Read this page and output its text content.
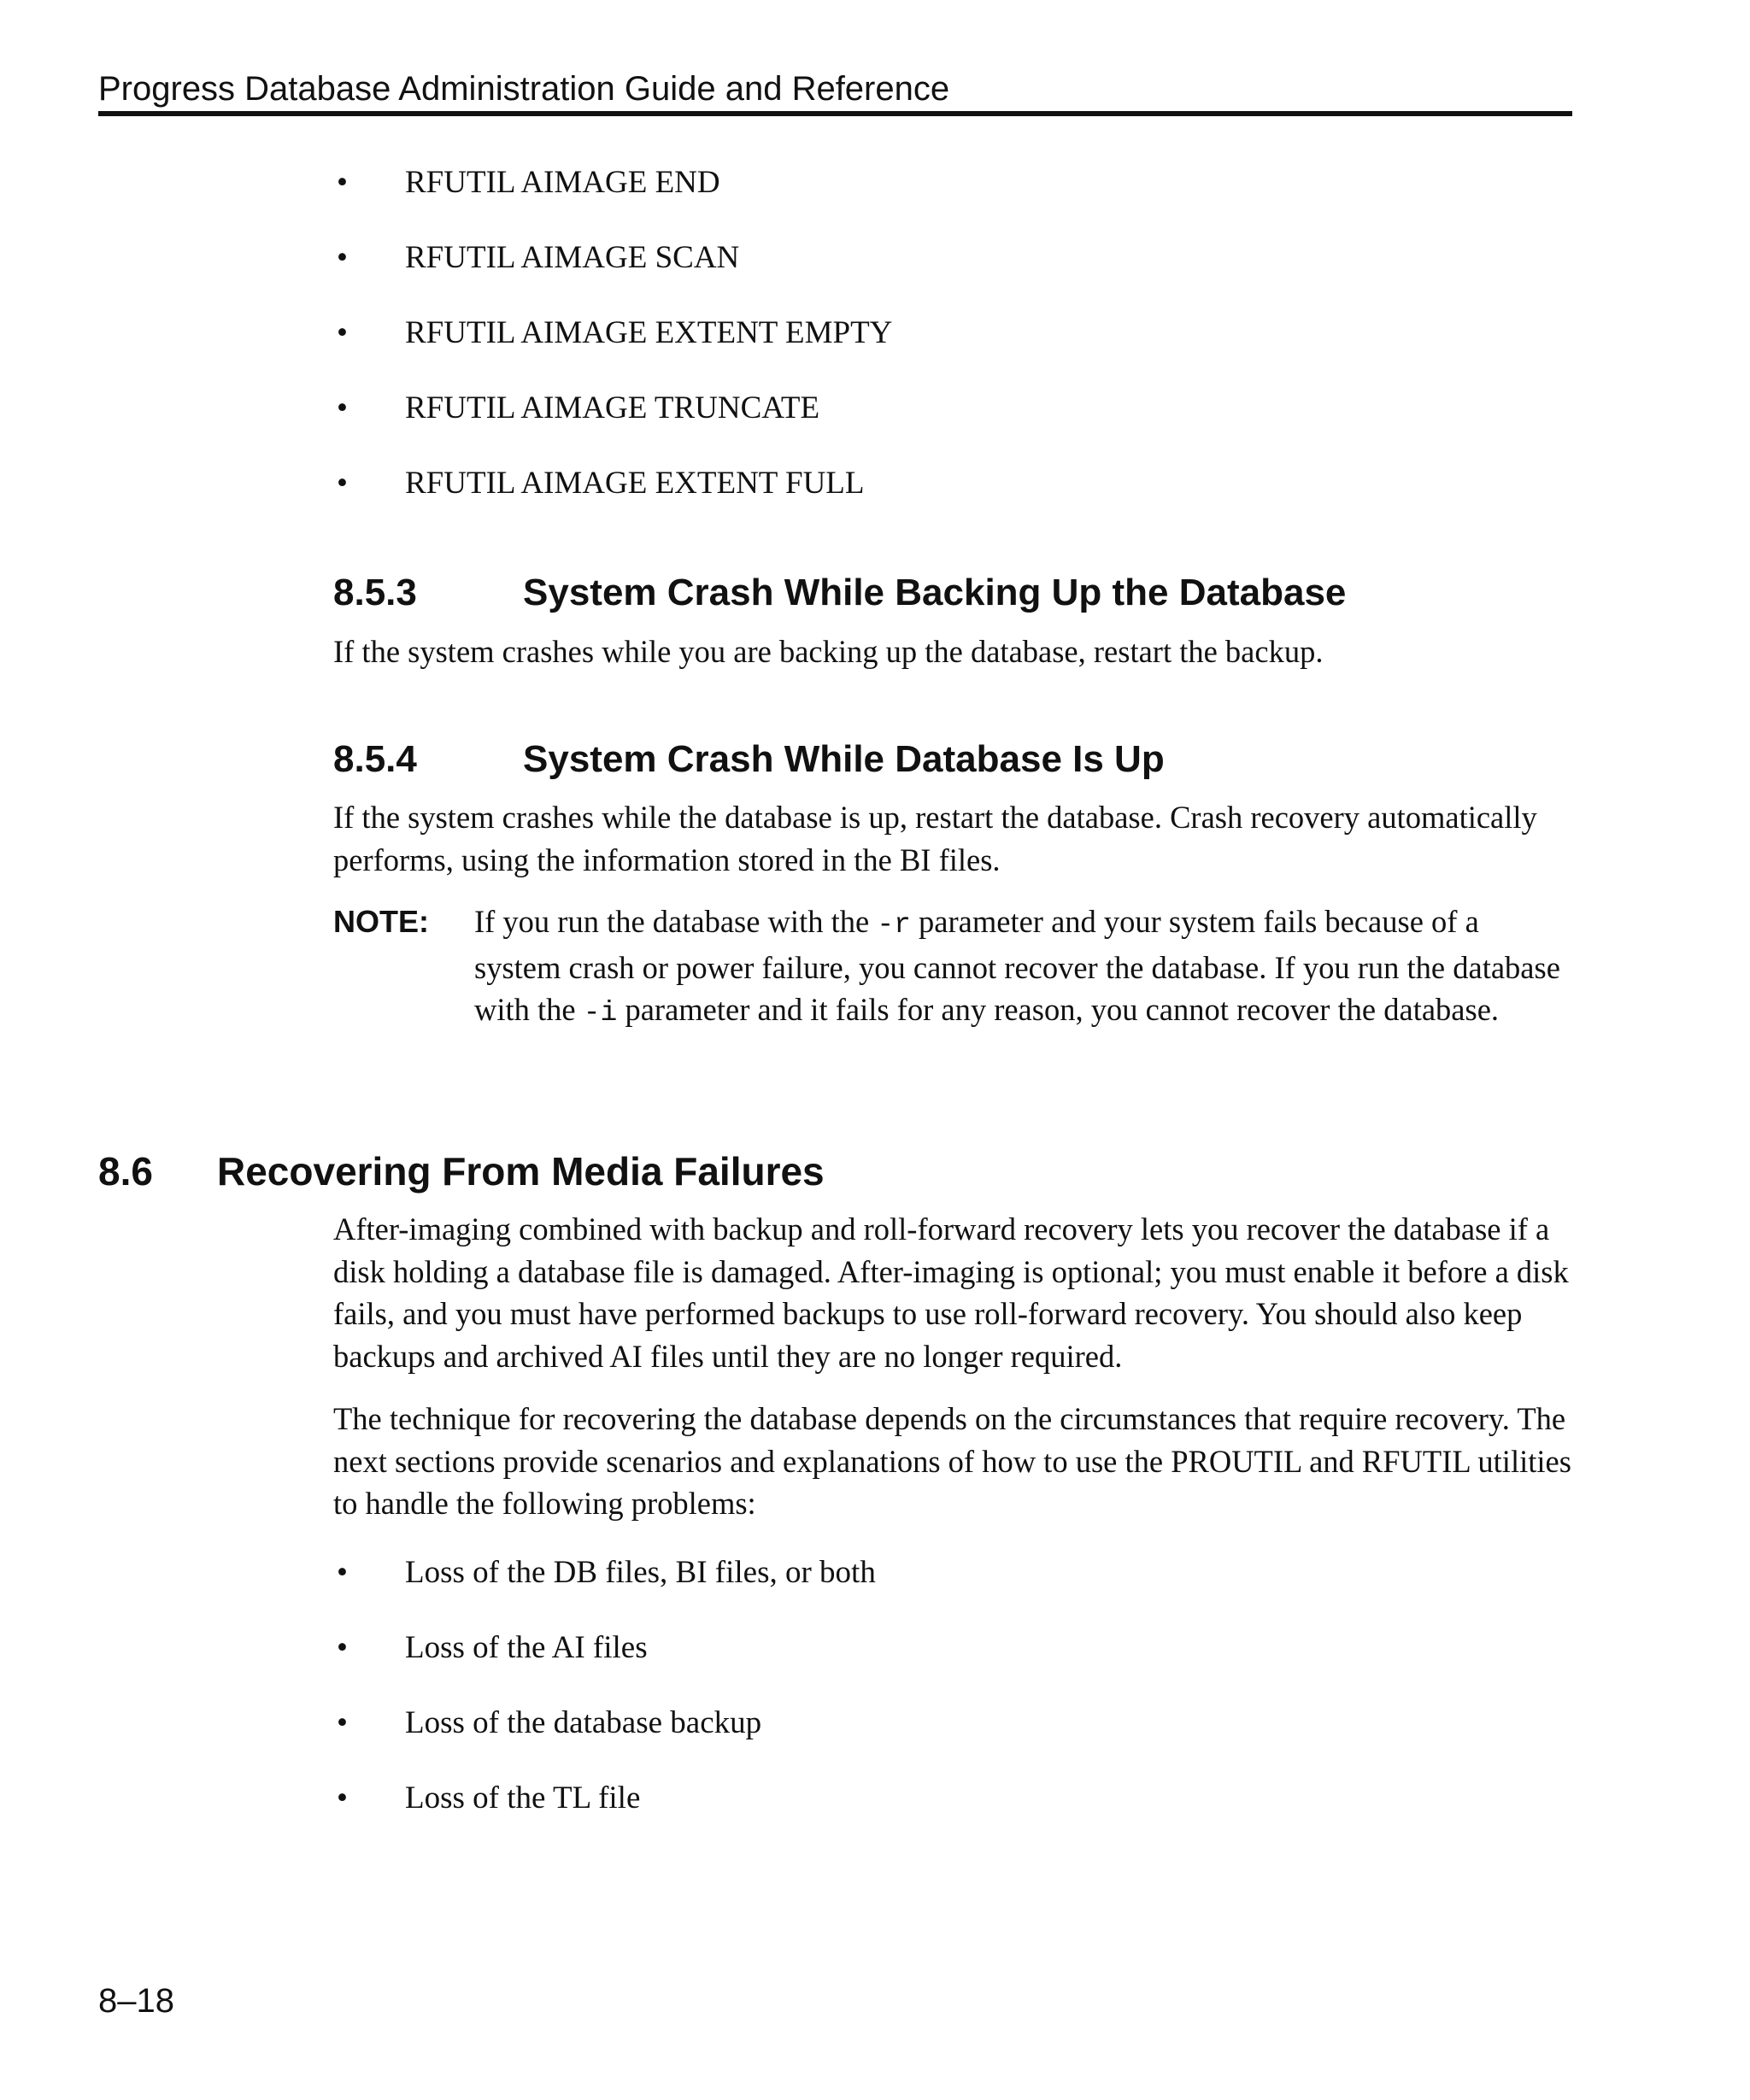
Progress Database Administration Guide and Reference
• RFUTIL AIMAGE END
• RFUTIL AIMAGE SCAN
• RFUTIL AIMAGE EXTENT EMPTY
• RFUTIL AIMAGE TRUNCATE
• RFUTIL AIMAGE EXTENT FULL
8.5.3	System Crash While Backing Up the Database

If the system crashes while you are backing up the database, restart the backup.

8.5.4	System Crash While Database Is Up

If the system crashes while the database is up, restart the database. Crash recovery automatically performs, using the information stored in the BI files.

NOTE: If you run the database with the -r parameter and your system fails because of a system crash or power failure, you cannot recover the database. If you run the database with the -i parameter and it fails for any reason, you cannot recover the database.

8.6 Recovering From Media Failures

After-imaging combined with backup and roll-forward recovery lets you recover the database if a disk holding a database file is damaged. After-imaging is optional; you must enable it before a disk fails, and you must have performed backups to use roll-forward recovery. You should also keep backups and archived AI files until they are no longer required.

The technique for recovering the database depends on the circumstances that require recovery. The next sections provide scenarios and explanations of how to use the PROUTIL and RFUTIL utilities to handle the following problems:

• Loss of the DB files, BI files, or both
• Loss of the AI files
• Loss of the database backup
• Loss of the TL file
8–18
